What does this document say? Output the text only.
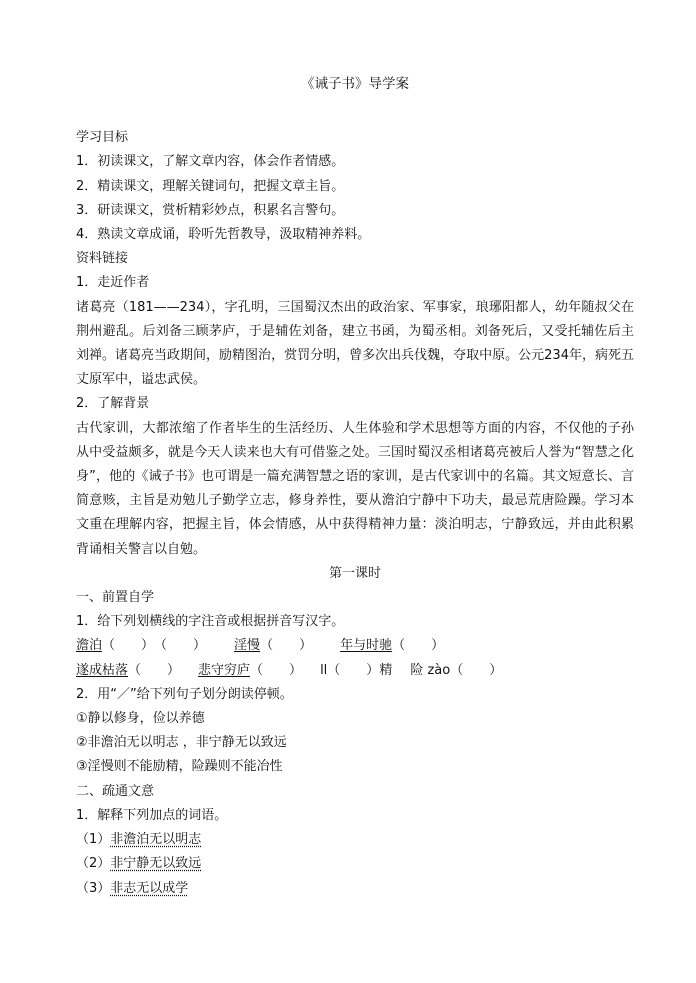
《诫子书》导学案
学习目标
1．初读课文，了解文章内容，体会作者情感。
2．精读课文，理解关键词句，把握文章主旨。
3．研读课文，赏析精彩妙点，积累名言警句。
4．熟读文章成诵，聆听先哲教导，汲取精神养料。
资料链接
1．走近作者

诸葛亮（181——234），字孔明，三国蜀汉杰出的政治家、军事家，琅琊阳都人，幼年随叔父在荆州避乱。后刘备三顾茅庐，于是辅佐刘备，建立书函，为蜀丞相。刘备死后，又受托辅佐后主刘禅。诸葛亮当政期间，励精图治，赏罚分明，曾多次出兵伐魏，夺取中原。公元234年，病死五丈原军中，谥忠武侯。

2．了解背景

古代家训，大都浓缩了作者毕生的生活经历、人生体验和学术思想等方面的内容，不仅他的子孙从中受益颇多，就是今天人读来也大有可借鉴之处。三国时蜀汉丞相诸葛亮被后人誉为“智慧之化身”，他的《诫子书》也可谓是一篇充满智慧之语的家训，是古代家训中的名篇。其文短意长、言简意赅，主旨是劝勉儿子勤学立志，修身养性，要从澹泊宁静中下功夫，最忌荒唐险躁。学习本文重在理解内容，把握主旨，体会情感，从中获得精神力量：淡泊明志，宁静致远，并由此积累背诵相关警言以自勉。

第一课时
一、前置自学
1．给下列划横线的字注音或根据拼音写汉字。
澹泊（　　）（　　） 淫慢（　　） 年与时驰（　　）
遂成枯落（　　） 悲守穷庐（　　） ll（　　）精 险 zào（　　）
2．用“／”给下列句子划分朗读停顿。
①静以修身，俭以养德
②非澹泊无以明志 ，非宁静无以致远
③淫慢则不能励精，险躁则不能冶性
二、疏通文意
1．解释下列加点的词语。
（1）非澹泊无以明志
（2）非宁静无以致远
（3）非志无以成学
